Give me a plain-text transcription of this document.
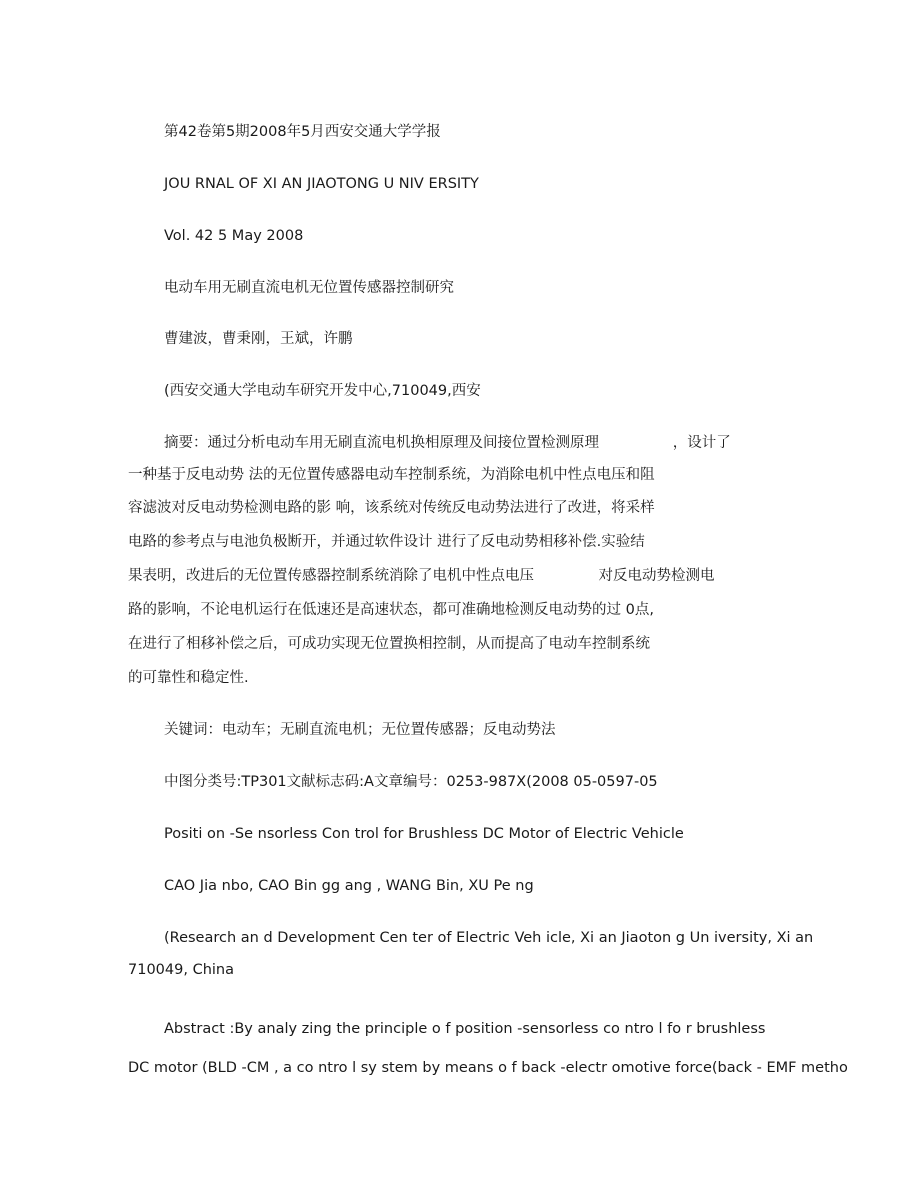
第42卷第5期2008年5月西安交通大学学报
JOU RNAL OF XI AN JIAOTONG U NIV ERSITY
Vol. 42 5 May 2008
电动车用无刷直流电机无位置传感器控制研究
曹建波，曹秉刚，王斌，许鹏
(西安交通大学电动车研究开发中心,710049,西安
摘要：通过分析电动车用无刷直流电机换相原理及间接位置检测原理                ，设计了
一种基于反电动势 法的无位置传感器电动车控制系统，为消除电机中性点电压和阻
容滤波对反电动势检测电路的影 响，该系统对传统反电动势法进行了改进，将采样
电路的参考点与电池负极断开，并通过软件设计 进行了反电动势相移补偿.实验结
果表明，改进后的无位置传感器控制系统消除了电机中性点电压              对反电动势检测电
路的影响，不论电机运行在低速还是高速状态，都可准确地检测反电动势的过 0点,
在进行了相移补偿之后，可成功实现无位置换相控制，从而提高了电动车控制系统
的可靠性和稳定性.
关键词：电动车；无刷直流电机；无位置传感器；反电动势法
中图分类号:TP301文献标志码:A文章编号：0253-987X(2008 05-0597-05
Positi on -Se nsorless Con trol for Brushless DC Motor of Electric Vehicle
CAO Jia nbo, CAO Bin gg ang , WANG Bin, XU Pe ng
(Research an d Development Cen ter of Electric Veh icle, Xi an Jiaoton g Un iversity, Xi an
710049, China
Abstract :By analy zing the principle o f position -sensorless co ntro l fo r brushless
DC motor (BLD -CM , a co ntro l sy stem by means o f back -electr omotive force(back - EMF metho
